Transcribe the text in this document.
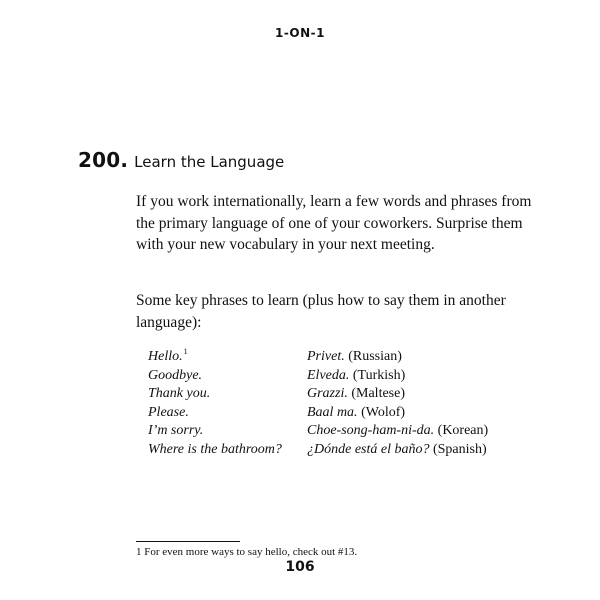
1-ON-1
200. Learn the Language

If you work internationally, learn a few words and phrases from the primary language of one of your coworkers. Surprise them with your new vocabulary in your next meeting.

Some key phrases to learn (plus how to say them in another language):

Hello.$^1$	Privet. (Russian)
Goodbye.	Elveda. (Turkish)
Thank you.	Grazzi. (Maltese)
Please.	Baal ma. (Wolof)
I’m sorry.	Choe-song-ham-ni-da. (Korean)
Where is the bathroom?	¿Dónde está el baño? (Spanish)
1 For even more ways to say hello, check out #13.
106
